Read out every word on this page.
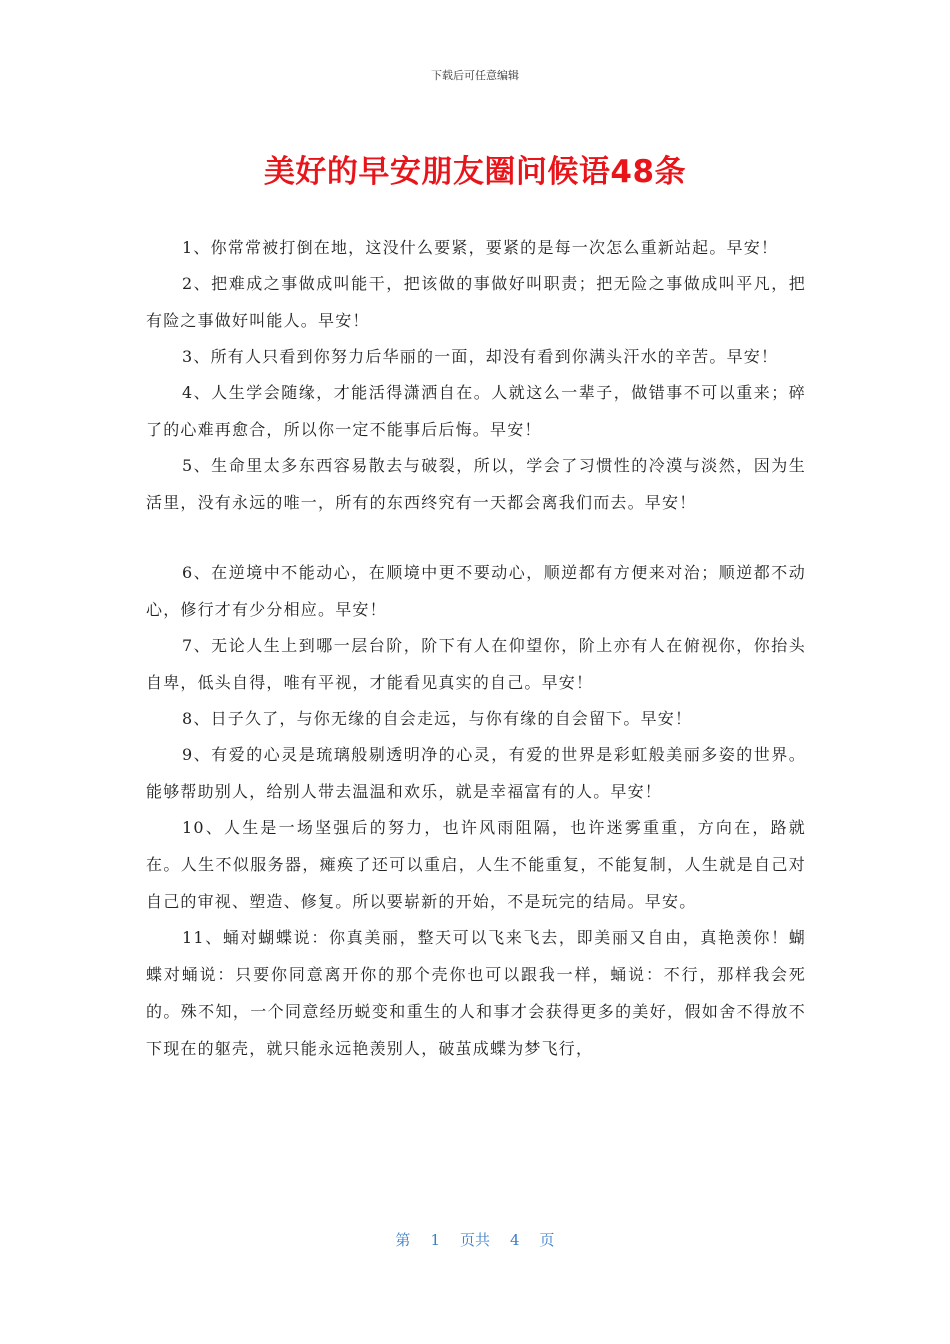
下载后可任意编辑
美好的早安朋友圈问候语48条

1、你常常被打倒在地，这没什么要紧，要紧的是每一次怎么重新站起。早安！

2、把难成之事做成叫能干，把该做的事做好叫职责；把无险之事做成叫平凡，把有险之事做好叫能人。早安！

3、所有人只看到你努力后华丽的一面，却没有看到你满头汗水的辛苦。早安！

4、人生学会随缘，才能活得潇洒自在。人就这么一辈子，做错事不可以重来；碎了的心难再愈合，所以你一定不能事后后悔。早安！

5、生命里太多东西容易散去与破裂，所以，学会了习惯性的冷漠与淡然，因为生活里，没有永远的唯一，所有的东西终究有一天都会离我们而去。早安！

6、在逆境中不能动心，在顺境中更不要动心，顺逆都有方便来对治；顺逆都不动心，修行才有少分相应。早安！

7、无论人生上到哪一层台阶，阶下有人在仰望你，阶上亦有人在俯视你，你抬头自卑，低头自得，唯有平视，才能看见真实的自己。早安！

8、日子久了，与你无缘的自会走远，与你有缘的自会留下。早安！

9、有爱的心灵是琉璃般剔透明净的心灵，有爱的世界是彩虹般美丽多姿的世界。能够帮助别人，给别人带去温温和欢乐，就是幸福富有的人。早安！

10、人生是一场坚强后的努力，也许风雨阻隔，也许迷雾重重，方向在，路就在。人生不似服务器，瘫痪了还可以重启，人生不能重复，不能复制，人生就是自己对自己的审视、塑造、修复。所以要崭新的开始，不是玩完的结局。早安。

11、蛹对蝴蝶说：你真美丽，整天可以飞来飞去，即美丽又自由，真艳羡你！蝴蝶对蛹说：只要你同意离开你的那个壳你也可以跟我一样，蛹说：不行，那样我会死的。殊不知，一个同意经历蜕变和重生的人和事才会获得更多的美好，假如舍不得放不下现在的躯壳，就只能永远艳羡别人，破茧成蝶为梦飞行，

第 1 页共 4 页
